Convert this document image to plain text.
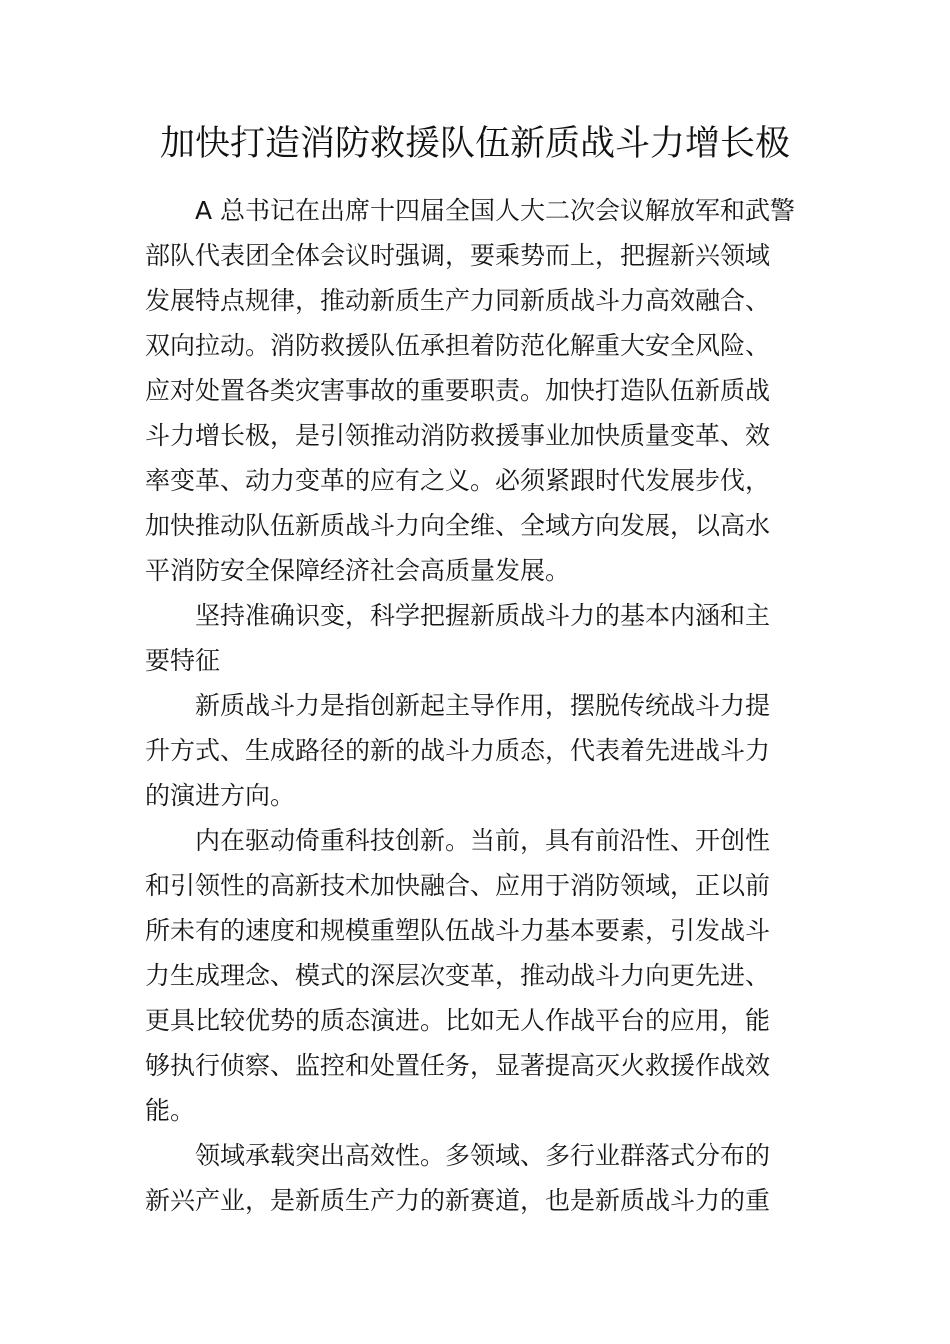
加快打造消防救援队伍新质战斗力增长极
A 总书记在出席十四届全国人大二次会议解放军和武警
部队代表团全体会议时强调，要乘势而上，把握新兴领域
发展特点规律，推动新质生产力同新质战斗力高效融合、
双向拉动。消防救援队伍承担着防范化解重大安全风险、
应对处置各类灾害事故的重要职责。加快打造队伍新质战
斗力增长极，是引领推动消防救援事业加快质量变革、效
率变革、动力变革的应有之义。必须紧跟时代发展步伐，
加快推动队伍新质战斗力向全维、全域方向发展，以高水
平消防安全保障经济社会高质量发展。
坚持准确识变，科学把握新质战斗力的基本内涵和主
要特征
新质战斗力是指创新起主导作用，摆脱传统战斗力提
升方式、生成路径的新的战斗力质态，代表着先进战斗力
的演进方向。
内在驱动倚重科技创新。当前，具有前沿性、开创性
和引领性的高新技术加快融合、应用于消防领域，正以前
所未有的速度和规模重塑队伍战斗力基本要素，引发战斗
力生成理念、模式的深层次变革，推动战斗力向更先进、
更具比较优势的质态演进。比如无人作战平台的应用，能
够执行侦察、监控和处置任务，显著提高灭火救援作战效
能。
领域承载突出高效性。多领域、多行业群落式分布的
新兴产业，是新质生产力的新赛道，也是新质战斗力的重
